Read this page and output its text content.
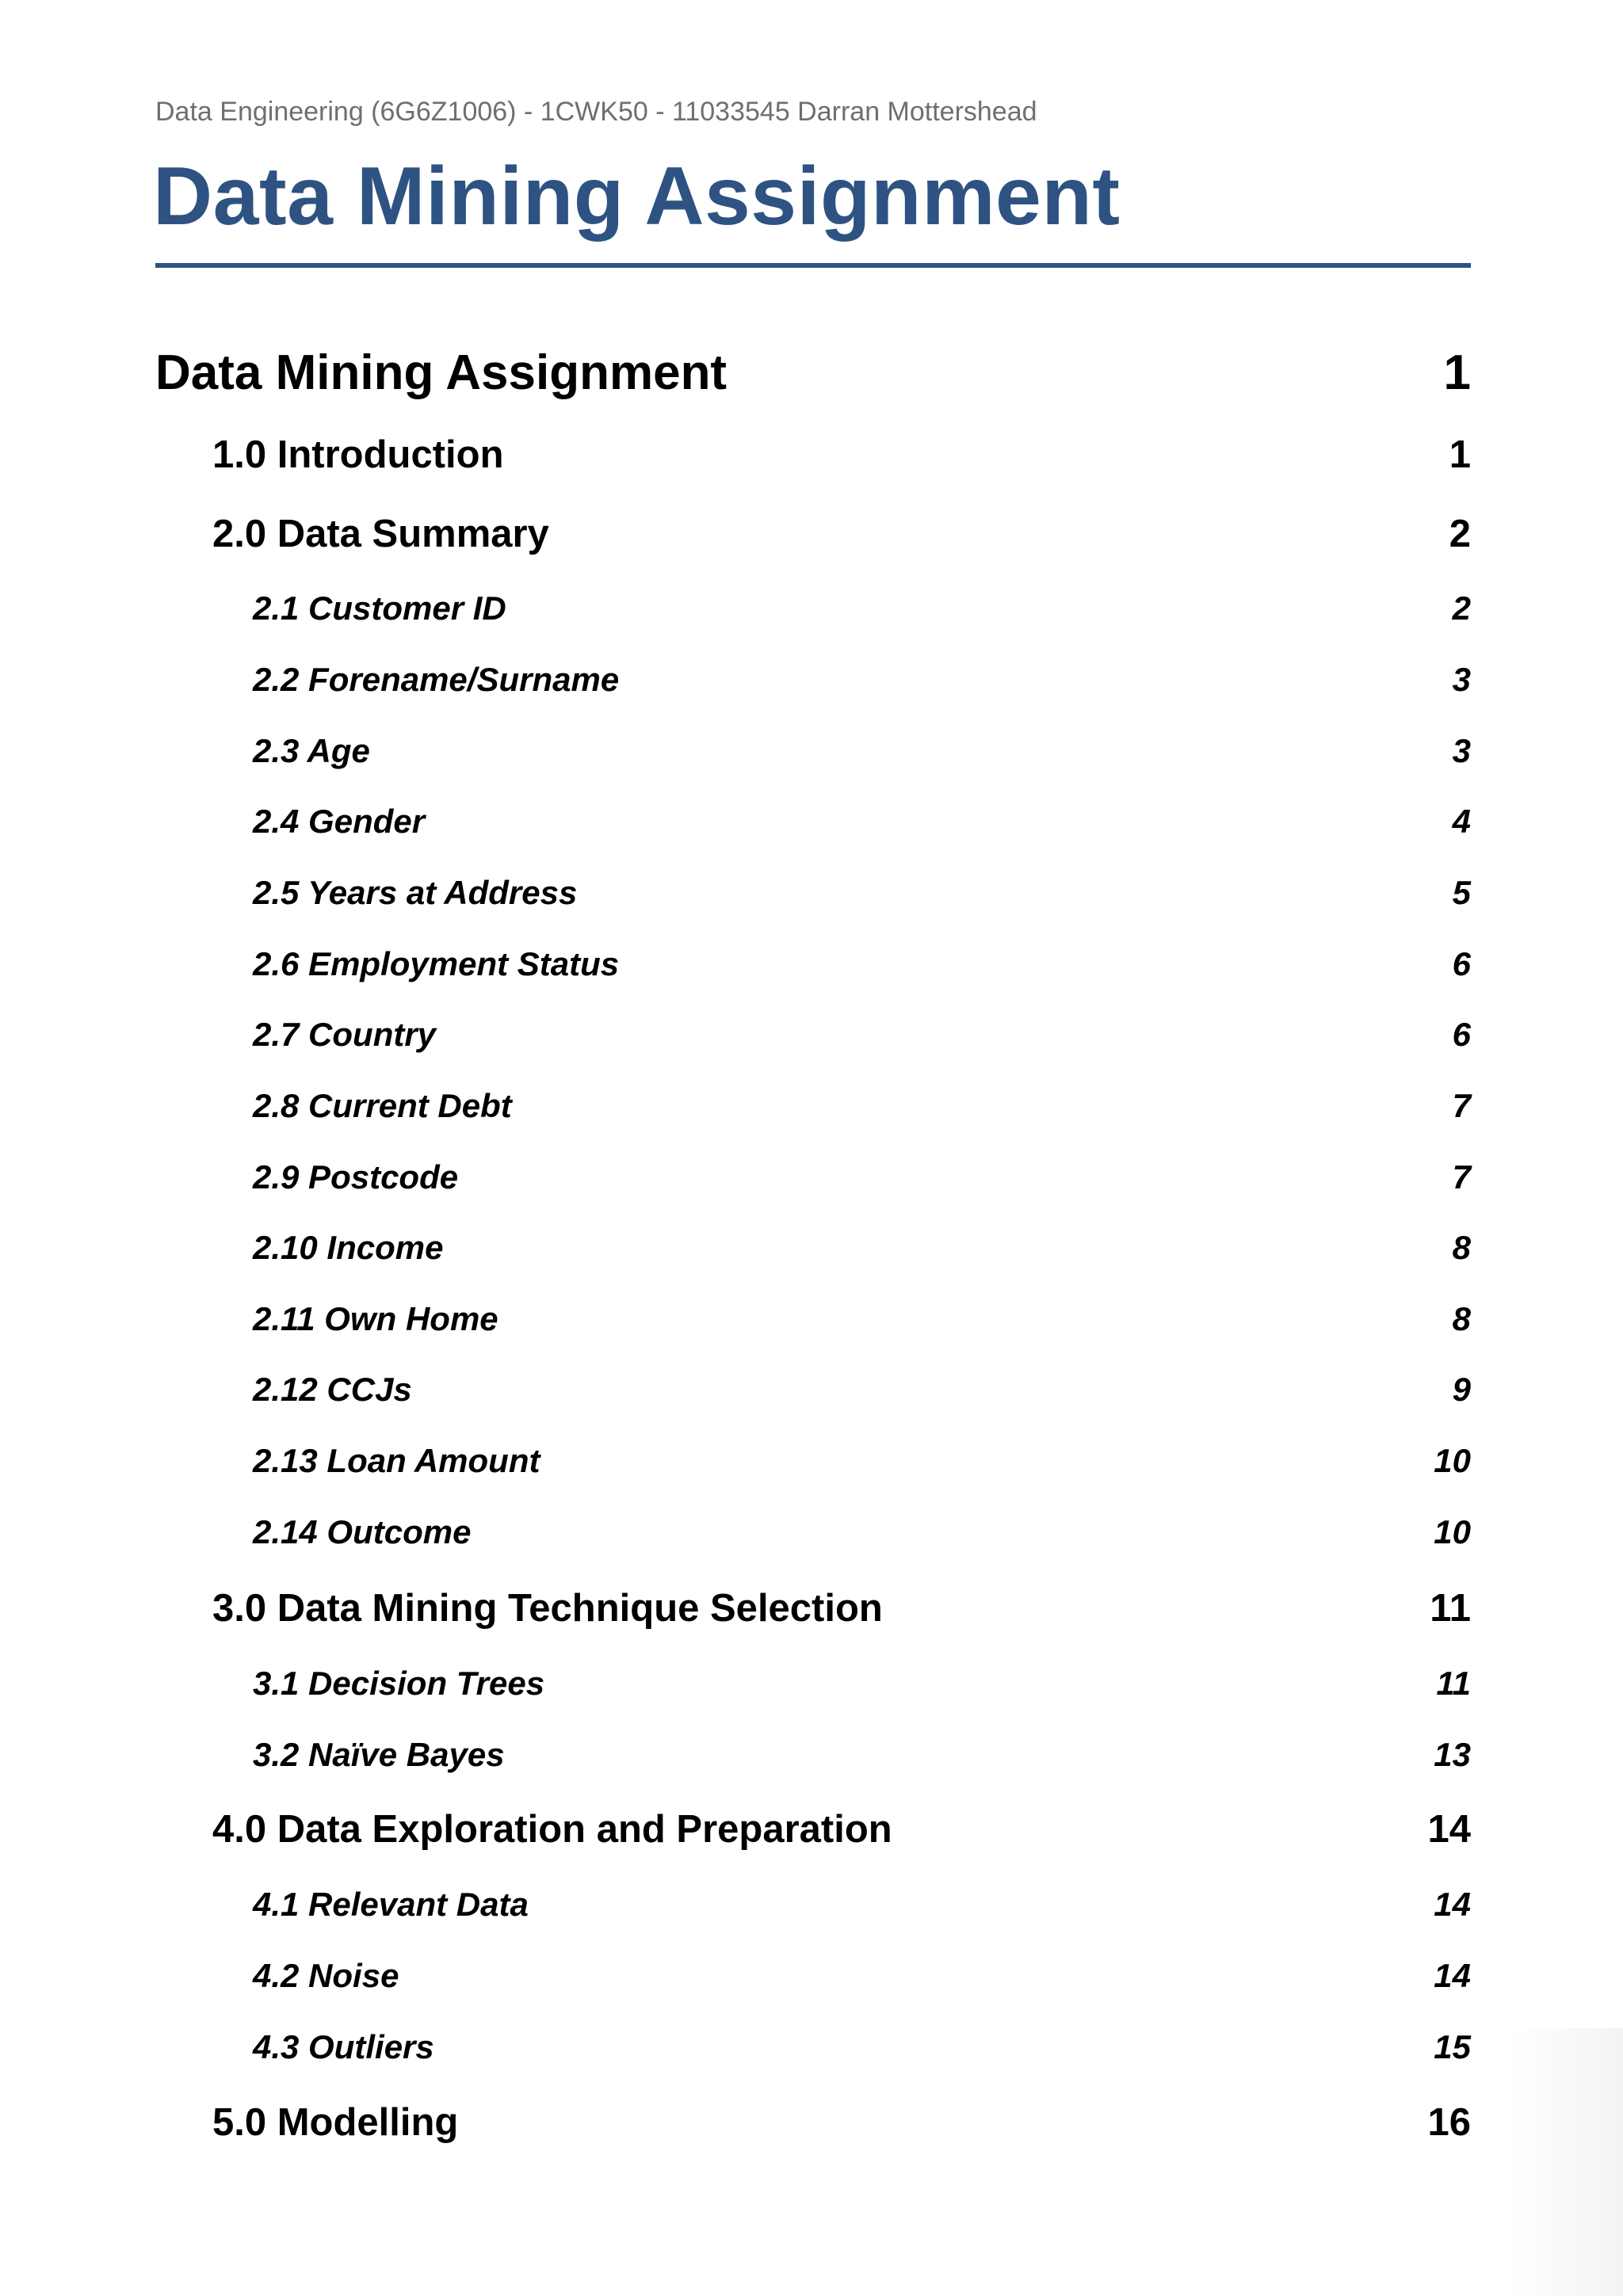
Data Engineering (6G6Z1006) - 1CWK50 - 11033545 Darran Mottershead
Data Mining Assignment
Data Mining Assignment	1
1.0 Introduction	1
2.0 Data Summary	2
2.1 Customer ID	2
2.2 Forename/Surname	3
2.3 Age	3
2.4 Gender	4
2.5 Years at Address	5
2.6 Employment Status	6
2.7 Country	6
2.8 Current Debt	7
2.9 Postcode	7
2.10 Income	8
2.11 Own Home	8
2.12 CCJs	9
2.13 Loan Amount	10
2.14 Outcome	10
3.0 Data Mining Technique Selection	11
3.1 Decision Trees	11
3.2 Naïve Bayes	13
4.0 Data Exploration and Preparation	14
4.1 Relevant Data	14
4.2 Noise	14
4.3 Outliers	15
5.0 Modelling	16
